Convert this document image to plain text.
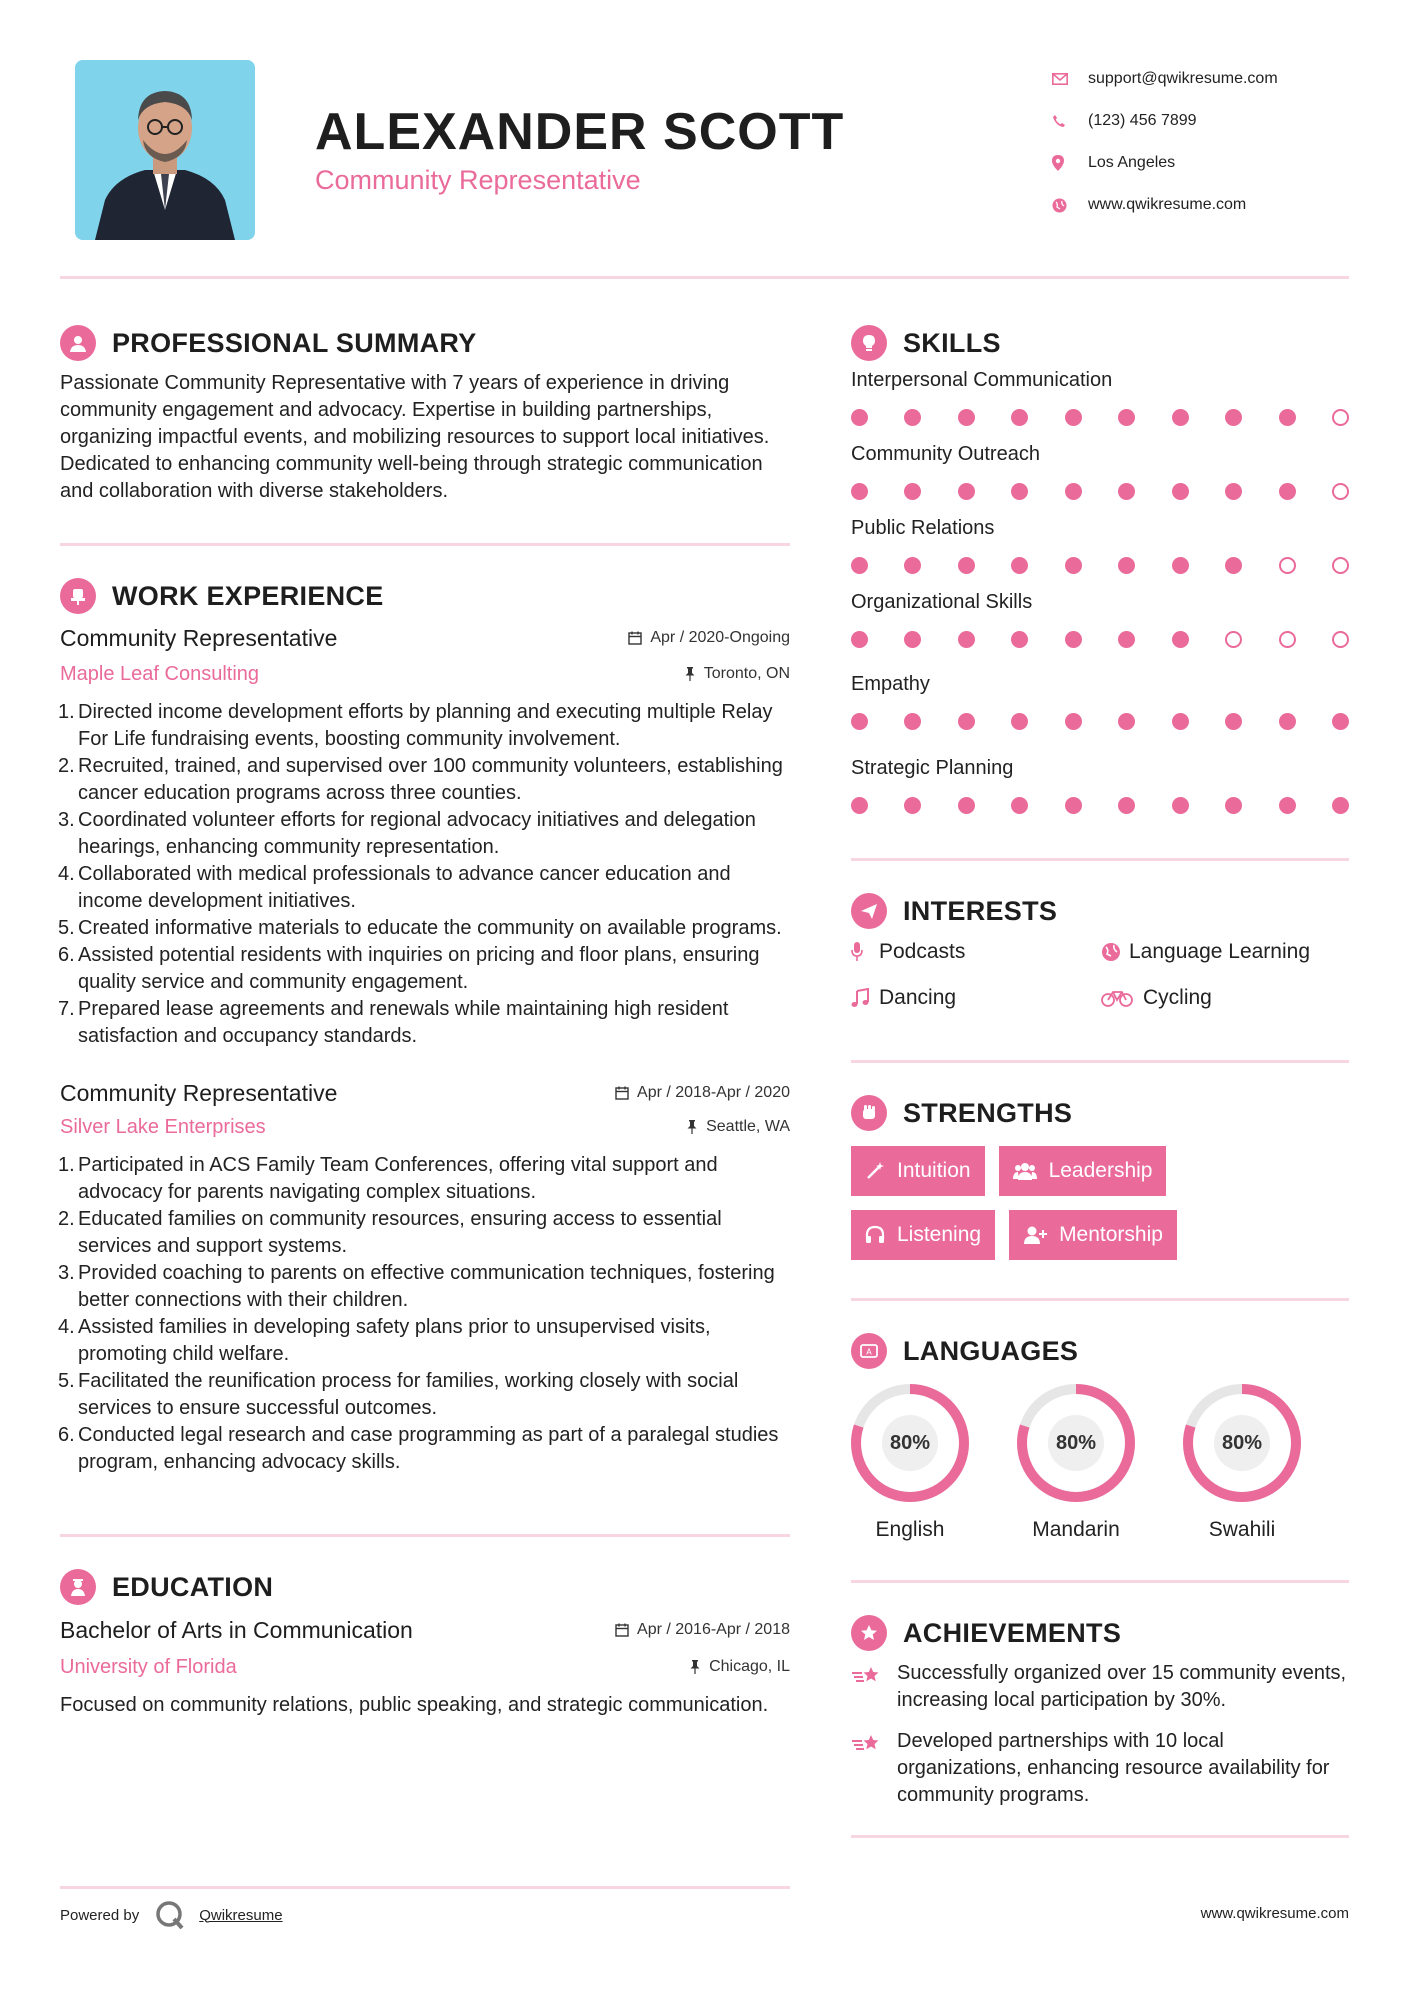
ALEXANDER SCOTT
Community Representative
support@qwikresume.com
(123) 456 7899
Los Angeles
www.qwikresume.com
PROFESSIONAL SUMMARY

Passionate Community Representative with 7 years of experience in driving community engagement and advocacy. Expertise in building partnerships, organizing impactful events, and mobilizing resources to support local initiatives. Dedicated to enhancing community well-being through strategic communication and collaboration with diverse stakeholders.

WORK EXPERIENCE
Community Representative	Apr / 2020-Ongoing
Maple Leaf Consulting	Toronto, ON
1. Directed income development efforts by planning and executing multiple Relay For Life fundraising events, boosting community involvement.
2. Recruited, trained, and supervised over 100 community volunteers, establishing cancer education programs across three counties.
3. Coordinated volunteer efforts for regional advocacy initiatives and delegation hearings, enhancing community representation.
4. Collaborated with medical professionals to advance cancer education and income development initiatives.
5. Created informative materials to educate the community on available programs.
6. Assisted potential residents with inquiries on pricing and floor plans, ensuring quality service and community engagement.
7. Prepared lease agreements and renewals while maintaining high resident satisfaction and occupancy standards.
Community Representative	Apr / 2018-Apr / 2020
Silver Lake Enterprises	Seattle, WA
1. Participated in ACS Family Team Conferences, offering vital support and advocacy for parents navigating complex situations.
2. Educated families on community resources, ensuring access to essential services and support systems.
3. Provided coaching to parents on effective communication techniques, fostering better connections with their children.
4. Assisted families in developing safety plans prior to unsupervised visits, promoting child welfare.
5. Facilitated the reunification process for families, working closely with social services to ensure successful outcomes.
6. Conducted legal research and case programming as part of a paralegal studies program, enhancing advocacy skills.
EDUCATION
Bachelor of Arts in Communication	Apr / 2016-Apr / 2018
University of Florida	Chicago, IL

Focused on community relations, public speaking, and strategic communication.

SKILLS
Interpersonal Communication
Community Outreach
Public Relations
Organizational Skills
Empathy
Strategic Planning
INTERESTS
Podcasts	Language Learning
Dancing	Cycling
STRENGTHS
Intuition	Leadership
Listening	Mentorship
A LANGUAGES
80%
English
80%
Mandarin
80%
Swahili
ACHIEVEMENTS
Successfully organized over 15 community events, increasing local participation by 30%.
Developed partnerships with 10 local organizations, enhancing resource availability for community programs.
Powered by	Qwikresume	www.qwikresume.com
